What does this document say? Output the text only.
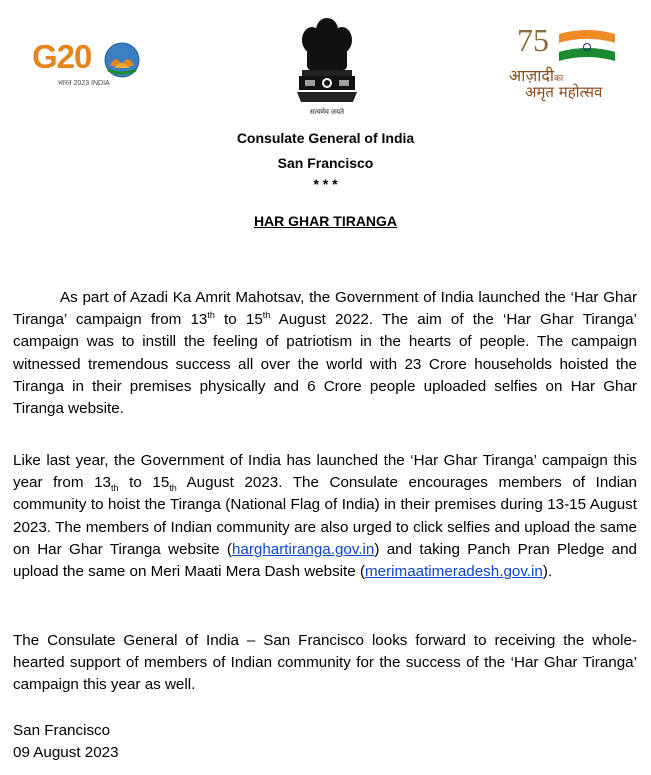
G20
भारत 2023 INDIA
सत्यमेव जयते
75
आज़ादीका
अमृत महोत्सव
Consulate General of India
San Francisco
* * *
HAR GHAR TIRANGA
As part of Azadi Ka Amrit Mahotsav, the Government of India launched the ‘Har Ghar Tiranga’ campaign from 13th to 15th August 2022. The aim of the ‘Har Ghar Tiranga’ campaign was to instill the feeling of patriotism in the hearts of people. The campaign witnessed tremendous success all over the world with 23 Crore households hoisted the Tiranga in their premises physically and 6 Crore people uploaded selfies on Har Ghar Tiranga website.
Like last year, the Government of India has launched the ‘Har Ghar Tiranga’ campaign this year from $13_{th}$ to $15_{th}$ August 2023. The Consulate encourages members of Indian community to hoist the Tiranga (National Flag of India) in their premises during 13-15 August 2023. The members of Indian community are also urged to click selfies and upload the same on Har Ghar Tiranga website (harghartiranga.gov.in) and taking Panch Pran Pledge and upload the same on Meri Maati Mera Dash website (merimaatimeradesh.gov.in).
The Consulate General of India – San Francisco looks forward to receiving the whole-hearted support of members of Indian community for the success of the ‘Har Ghar Tiranga’ campaign this year as well.
San Francisco
09 August 2023
